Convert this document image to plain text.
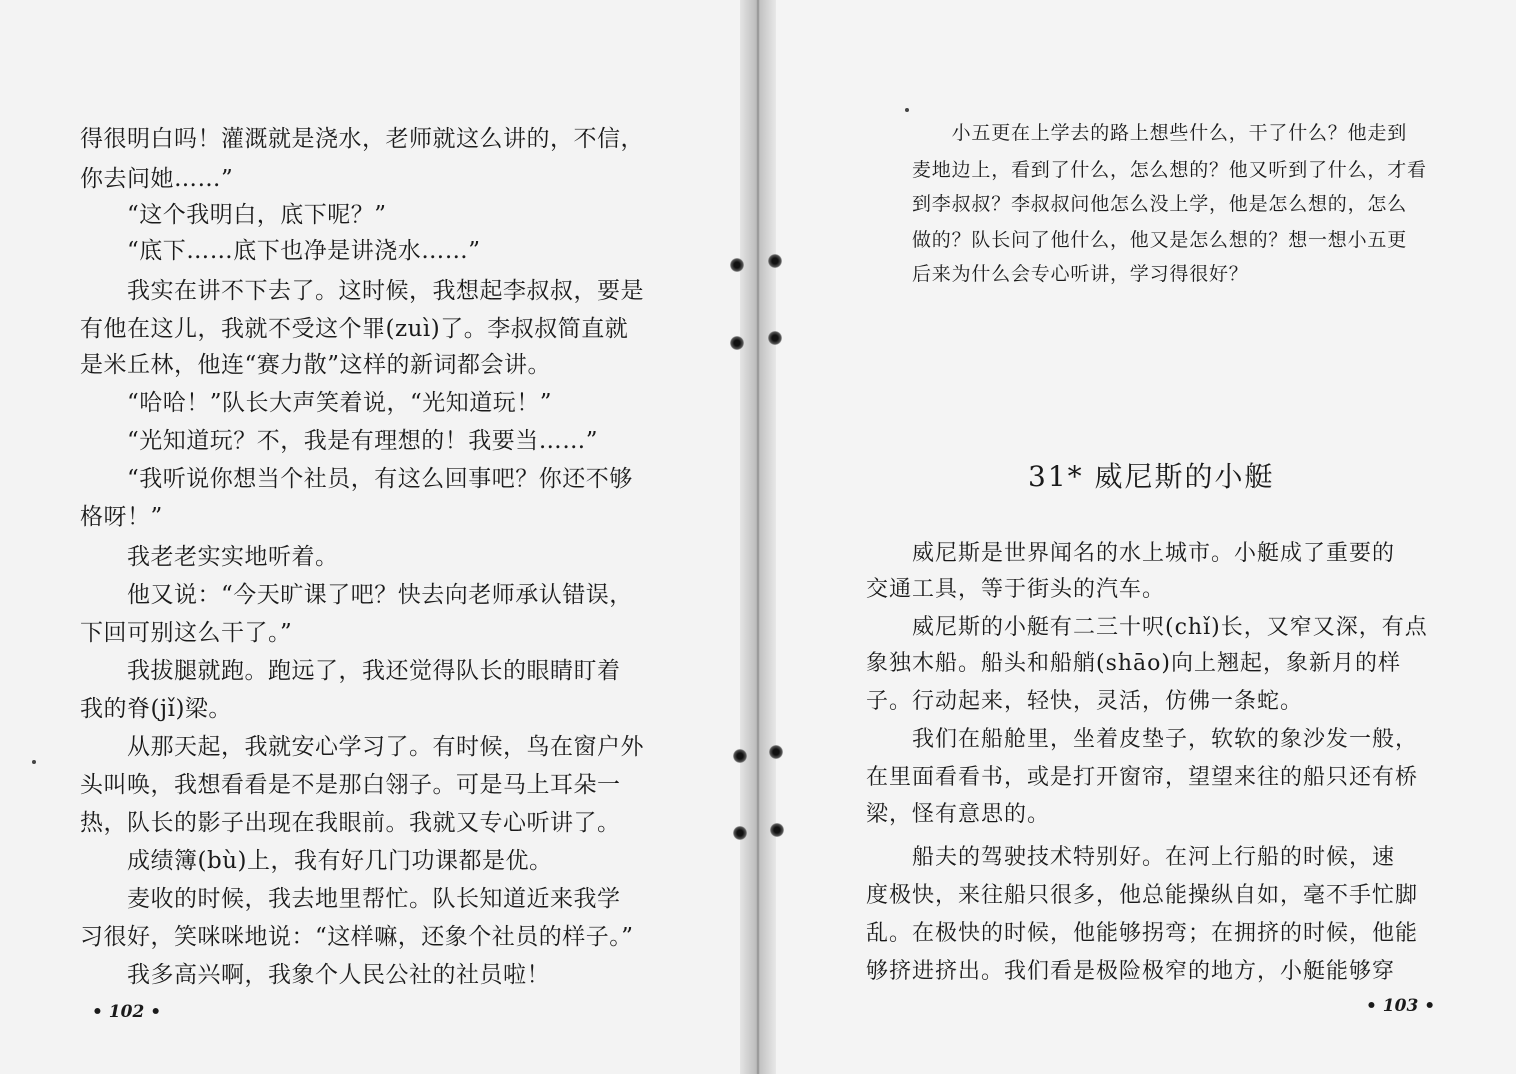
得很明白吗！灌溉就是浇水，老师就这么讲的，不信，

你去问她……”

　　“这个我明白，底下呢？”

　　“底下……底下也净是讲浇水……”

　　我实在讲不下去了。这时候，我想起李叔叔，要是

有他在这儿，我就不受这个罪(zuì)了。李叔叔简直就

是米丘林，他连“赛力散”这样的新词都会讲。

　　“哈哈！”队长大声笑着说，“光知道玩！”

　　“光知道玩？不，我是有理想的！我要当……”

　　“我听说你想当个社员，有这么回事吧？你还不够

格呀！”

　　我老老实实地听着。

　　他又说：“今天旷课了吧？快去向老师承认错误，

下回可别这么干了。”

　　我拔腿就跑。跑远了，我还觉得队长的眼睛盯着

我的脊(jǐ)梁。

　　从那天起，我就安心学习了。有时候，鸟在窗户外

头叫唤，我想看看是不是那白翎子。可是马上耳朵一

热，队长的影子出现在我眼前。我就又专心听讲了。

　　成绩簿(bù)上，我有好几门功课都是优。

　　麦收的时候，我去地里帮忙。队长知道近来我学

习很好，笑咪咪地说：“这样嘛，还象个社员的样子。”

　　我多高兴啊，我象个人民公社的社员啦！

• 102 •

　　小五更在上学去的路上想些什么，干了什么？他走到

麦地边上，看到了什么，怎么想的？他又听到了什么，才看

到李叔叔？李叔叔问他怎么没上学，他是怎么想的，怎么

做的？队长问了他什么，他又是怎么想的？想一想小五更

后来为什么会专心听讲，学习得很好？

31* 威尼斯的小艇

　　威尼斯是世界闻名的水上城市。小艇成了重要的

交通工具，等于街头的汽车。

　　威尼斯的小艇有二三十呎(chǐ)长，又窄又深，有点

象独木船。船头和船艄(shāo)向上翘起，象新月的样

子。行动起来，轻快，灵活，仿佛一条蛇。

　　我们在船舱里，坐着皮垫子，软软的象沙发一般，

在里面看看书，或是打开窗帘，望望来往的船只还有桥

梁，怪有意思的。

　　船夫的驾驶技术特别好。在河上行船的时候，速

度极快，来往船只很多，他总能操纵自如，毫不手忙脚

乱。在极快的时候，他能够拐弯；在拥挤的时候，他能

够挤进挤出。我们看是极险极窄的地方，小艇能够穿

• 103 •
